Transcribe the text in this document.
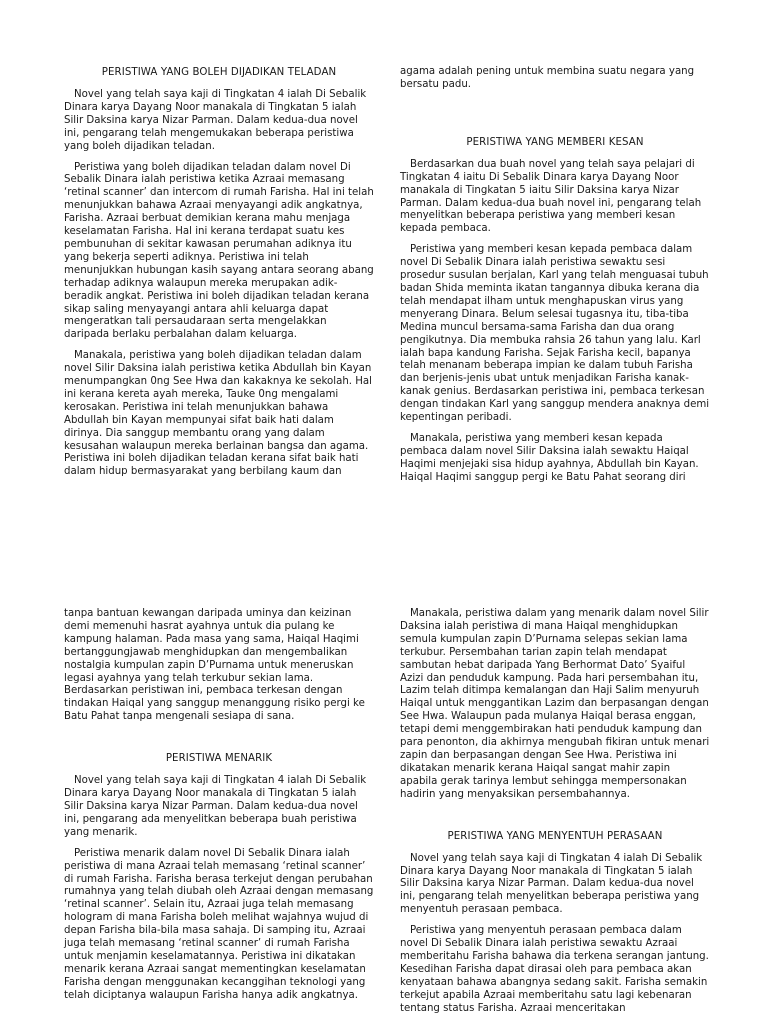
PERISTIWA YANG BOLEH DIJADIKAN TELADAN

Novel yang telah saya kaji di Tingkatan 4 ialah Di Sebalik Dinara karya Dayang Noor manakala di Tingkatan 5 ialah Silir Daksina karya Nizar Parman. Dalam kedua-dua novel ini, pengarang telah mengemukakan beberapa peristiwa yang boleh dijadikan teladan.

Peristiwa yang boleh dijadikan teladan dalam novel Di Sebalik Dinara ialah peristiwa ketika Azraai memasang ‘retinal scanner’ dan intercom di rumah Farisha. Hal ini telah menunjukkan bahawa Azraai menyayangi adik angkatnya, Farisha. Azraai berbuat demikian kerana mahu menjaga keselamatan Farisha. Hal ini kerana terdapat suatu kes pembunuhan di sekitar kawasan perumahan adiknya itu yang bekerja seperti adiknya. Peristiwa ini telah menunjukkan hubungan kasih sayang antara seorang abang terhadap adiknya walaupun mereka merupakan adik-beradik angkat. Peristiwa ini boleh dijadikan teladan kerana sikap saling menyayangi antara ahli keluarga dapat mengeratkan tali persaudaraan serta mengelakkan daripada berlaku perbalahan dalam keluarga.

Manakala, peristiwa yang boleh dijadikan teladan dalam novel Silir Daksina ialah peristiwa ketika Abdullah bin Kayan menumpangkan 0ng See Hwa dan kakaknya ke sekolah. Hal ini kerana kereta ayah mereka, Tauke 0ng mengalami kerosakan. Peristiwa ini telah menunjukkan bahawa Abdullah bin Kayan mempunyai sifat baik hati dalam dirinya. Dia sanggup membantu orang yang dalam kesusahan walaupun mereka berlainan bangsa dan agama. Peristiwa ini boleh dijadikan teladan kerana sifat baik hati dalam hidup bermasyarakat yang berbilang kaum dan

agama adalah pening untuk membina suatu negara yang bersatu padu.

PERISTIWA YANG MEMBERI KESAN

Berdasarkan dua buah novel yang telah saya pelajari di Tingkatan 4 iaitu Di Sebalik Dinara karya Dayang Noor manakala di Tingkatan 5 iaitu Silir Daksina karya Nizar Parman. Dalam kedua-dua buah novel ini, pengarang telah menyelitkan beberapa peristiwa yang memberi kesan kepada pembaca.

Peristiwa yang memberi kesan kepada pembaca dalam novel Di Sebalik Dinara ialah peristiwa sewaktu sesi prosedur susulan berjalan, Karl yang telah menguasai tubuh badan Shida meminta ikatan tangannya dibuka kerana dia telah mendapat ilham untuk menghapuskan virus yang menyerang Dinara. Belum selesai tugasnya itu, tiba-tiba Medina muncul bersama-sama Farisha dan dua orang pengikutnya. Dia membuka rahsia 26 tahun yang lalu. Karl ialah bapa kandung Farisha. Sejak Farisha kecil, bapanya telah menanam beberapa impian ke dalam tubuh Farisha dan berjenis-jenis ubat untuk menjadikan Farisha kanak-kanak genius. Berdasarkan peristiwa ini, pembaca terkesan dengan tindakan Karl yang sanggup mendera anaknya demi kepentingan peribadi.

Manakala, peristiwa yang memberi kesan kepada pembaca dalam novel Silir Daksina ialah sewaktu Haiqal Haqimi menjejaki sisa hidup ayahnya, Abdullah bin Kayan. Haiqal Haqimi sanggup pergi ke Batu Pahat seorang diri

tanpa bantuan kewangan daripada uminya dan keizinan demi memenuhi hasrat ayahnya untuk dia pulang ke kampung halaman. Pada masa yang sama, Haiqal Haqimi bertanggungjawab menghidupkan dan mengembalikan nostalgia kumpulan zapin D’Purnama untuk meneruskan legasi ayahnya yang telah terkubur sekian lama. Berdasarkan peristiwan ini, pembaca terkesan dengan tindakan Haiqal yang sanggup menanggung risiko pergi ke Batu Pahat tanpa mengenali sesiapa di sana.

PERISTIWA MENARIK

Novel yang telah saya kaji di Tingkatan 4 ialah Di Sebalik Dinara karya Dayang Noor manakala di Tingkatan 5 ialah Silir Daksina karya Nizar Parman. Dalam kedua-dua novel ini, pengarang ada menyelitkan beberapa buah peristiwa yang menarik.

Peristiwa menarik dalam novel Di Sebalik Dinara ialah peristiwa di mana Azraai telah memasang ‘retinal scanner’ di rumah Farisha. Farisha berasa terkejut dengan perubahan rumahnya yang telah diubah oleh Azraai dengan memasang ‘retinal scanner’. Selain itu, Azraai juga telah memasang hologram di mana Farisha boleh melihat wajahnya wujud di depan Farisha bila-bila masa sahaja. Di samping itu, Azraai juga telah memasang ‘retinal scanner’ di rumah Farisha untuk menjamin keselamatannya. Peristiwa ini dikatakan menarik kerana Azraai sangat mementingkan keselamatan Farisha dengan menggunakan kecanggihan teknologi yang telah diciptanya walaupun Farisha hanya adik angkatnya.

Manakala, peristiwa dalam yang menarik dalam novel Silir Daksina ialah peristiwa di mana Haiqal menghidupkan semula kumpulan zapin D’Purnama selepas sekian lama terkubur. Persembahan tarian zapin telah mendapat sambutan hebat daripada Yang Berhormat Dato’ Syaiful Azizi dan penduduk kampung. Pada hari persembahan itu, Lazim telah ditimpa kemalangan dan Haji Salim menyuruh Haiqal untuk menggantikan Lazim dan berpasangan dengan See Hwa. Walaupun pada mulanya Haiqal berasa enggan, tetapi demi menggembirakan hati penduduk kampung dan para penonton, dia akhirnya mengubah fikiran untuk menari zapin dan berpasangan dengan See Hwa. Peristiwa ini dikatakan menarik kerana Haiqal sangat mahir zapin apabila gerak tarinya lembut sehingga mempersonakan hadirin yang menyaksikan persembahannya.

PERISTIWA YANG MENYENTUH PERASAAN

Novel yang telah saya kaji di Tingkatan 4 ialah Di Sebalik Dinara karya Dayang Noor manakala di Tingkatan 5 ialah Silir Daksina karya Nizar Parman. Dalam kedua-dua novel ini, pengarang telah menyelitkan beberapa peristiwa yang menyentuh perasaan pembaca.

Peristiwa yang menyentuh perasaan pembaca dalam novel Di Sebalik Dinara ialah peristiwa sewaktu Azraai memberitahu Farisha bahawa dia terkena serangan jantung. Kesedihan Farisha dapat dirasai oleh para pembaca akan kenyataan bahawa abangnya sedang sakit. Farisha semakin terkejut apabila Azraai memberitahu satu lagi kebenaran tentang status Farisha. Azraai menceritakan
